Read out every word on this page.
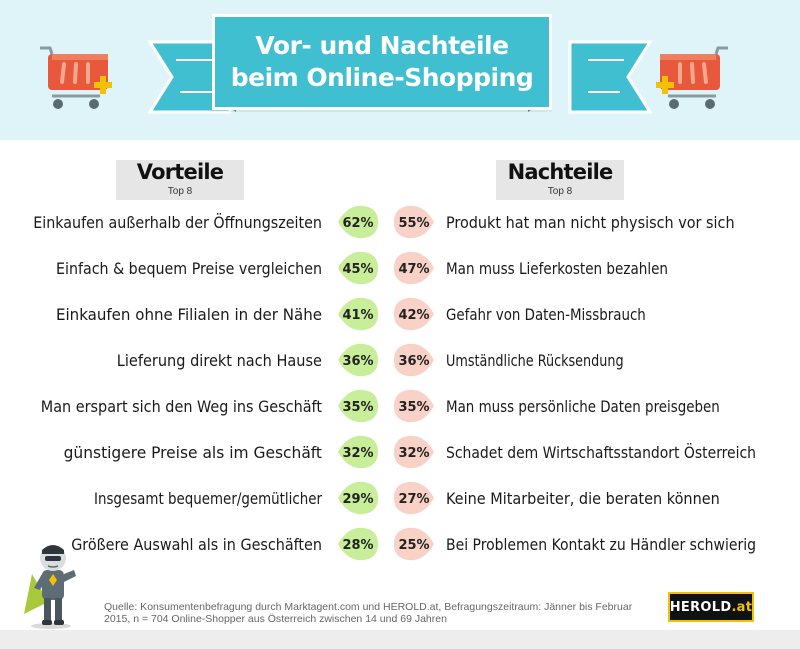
Vor- und Nachteile
beim Online-Shopping
Vorteile
Top 8
Nachteile
Top 8
Einkaufen außerhalb der Öffnungszeiten 62%
Einfach & bequem Preise vergleichen 45%
Einkaufen ohne Filialen in der Nähe 41%
Lieferung direkt nach Hause 36%
Man erspart sich den Weg ins Geschäft 35%
günstigere Preise als im Geschäft 32%
Insgesamt bequemer/gemütlicher 29%
Größere Auswahl als in Geschäften 28%
55% Produkt hat man nicht physisch vor sich
47% Man muss Lieferkosten bezahlen
42% Gefahr von Daten-Missbrauch
36% Umständliche Rücksendung
35% Man muss persönliche Daten preisgeben
32% Schadet dem Wirtschaftsstandort Österreich
27% Keine Mitarbeiter, die beraten können
25% Bei Problemen Kontakt zu Händler schwierig
Quelle: Konsumentenbefragung durch Marktagent.com und HEROLD.at, Befragungszeitraum: Jänner bis Februar 2015, n = 704 Online-Shopper aus Österreich zwischen 14 und 69 Jahren
HEROLD .at
